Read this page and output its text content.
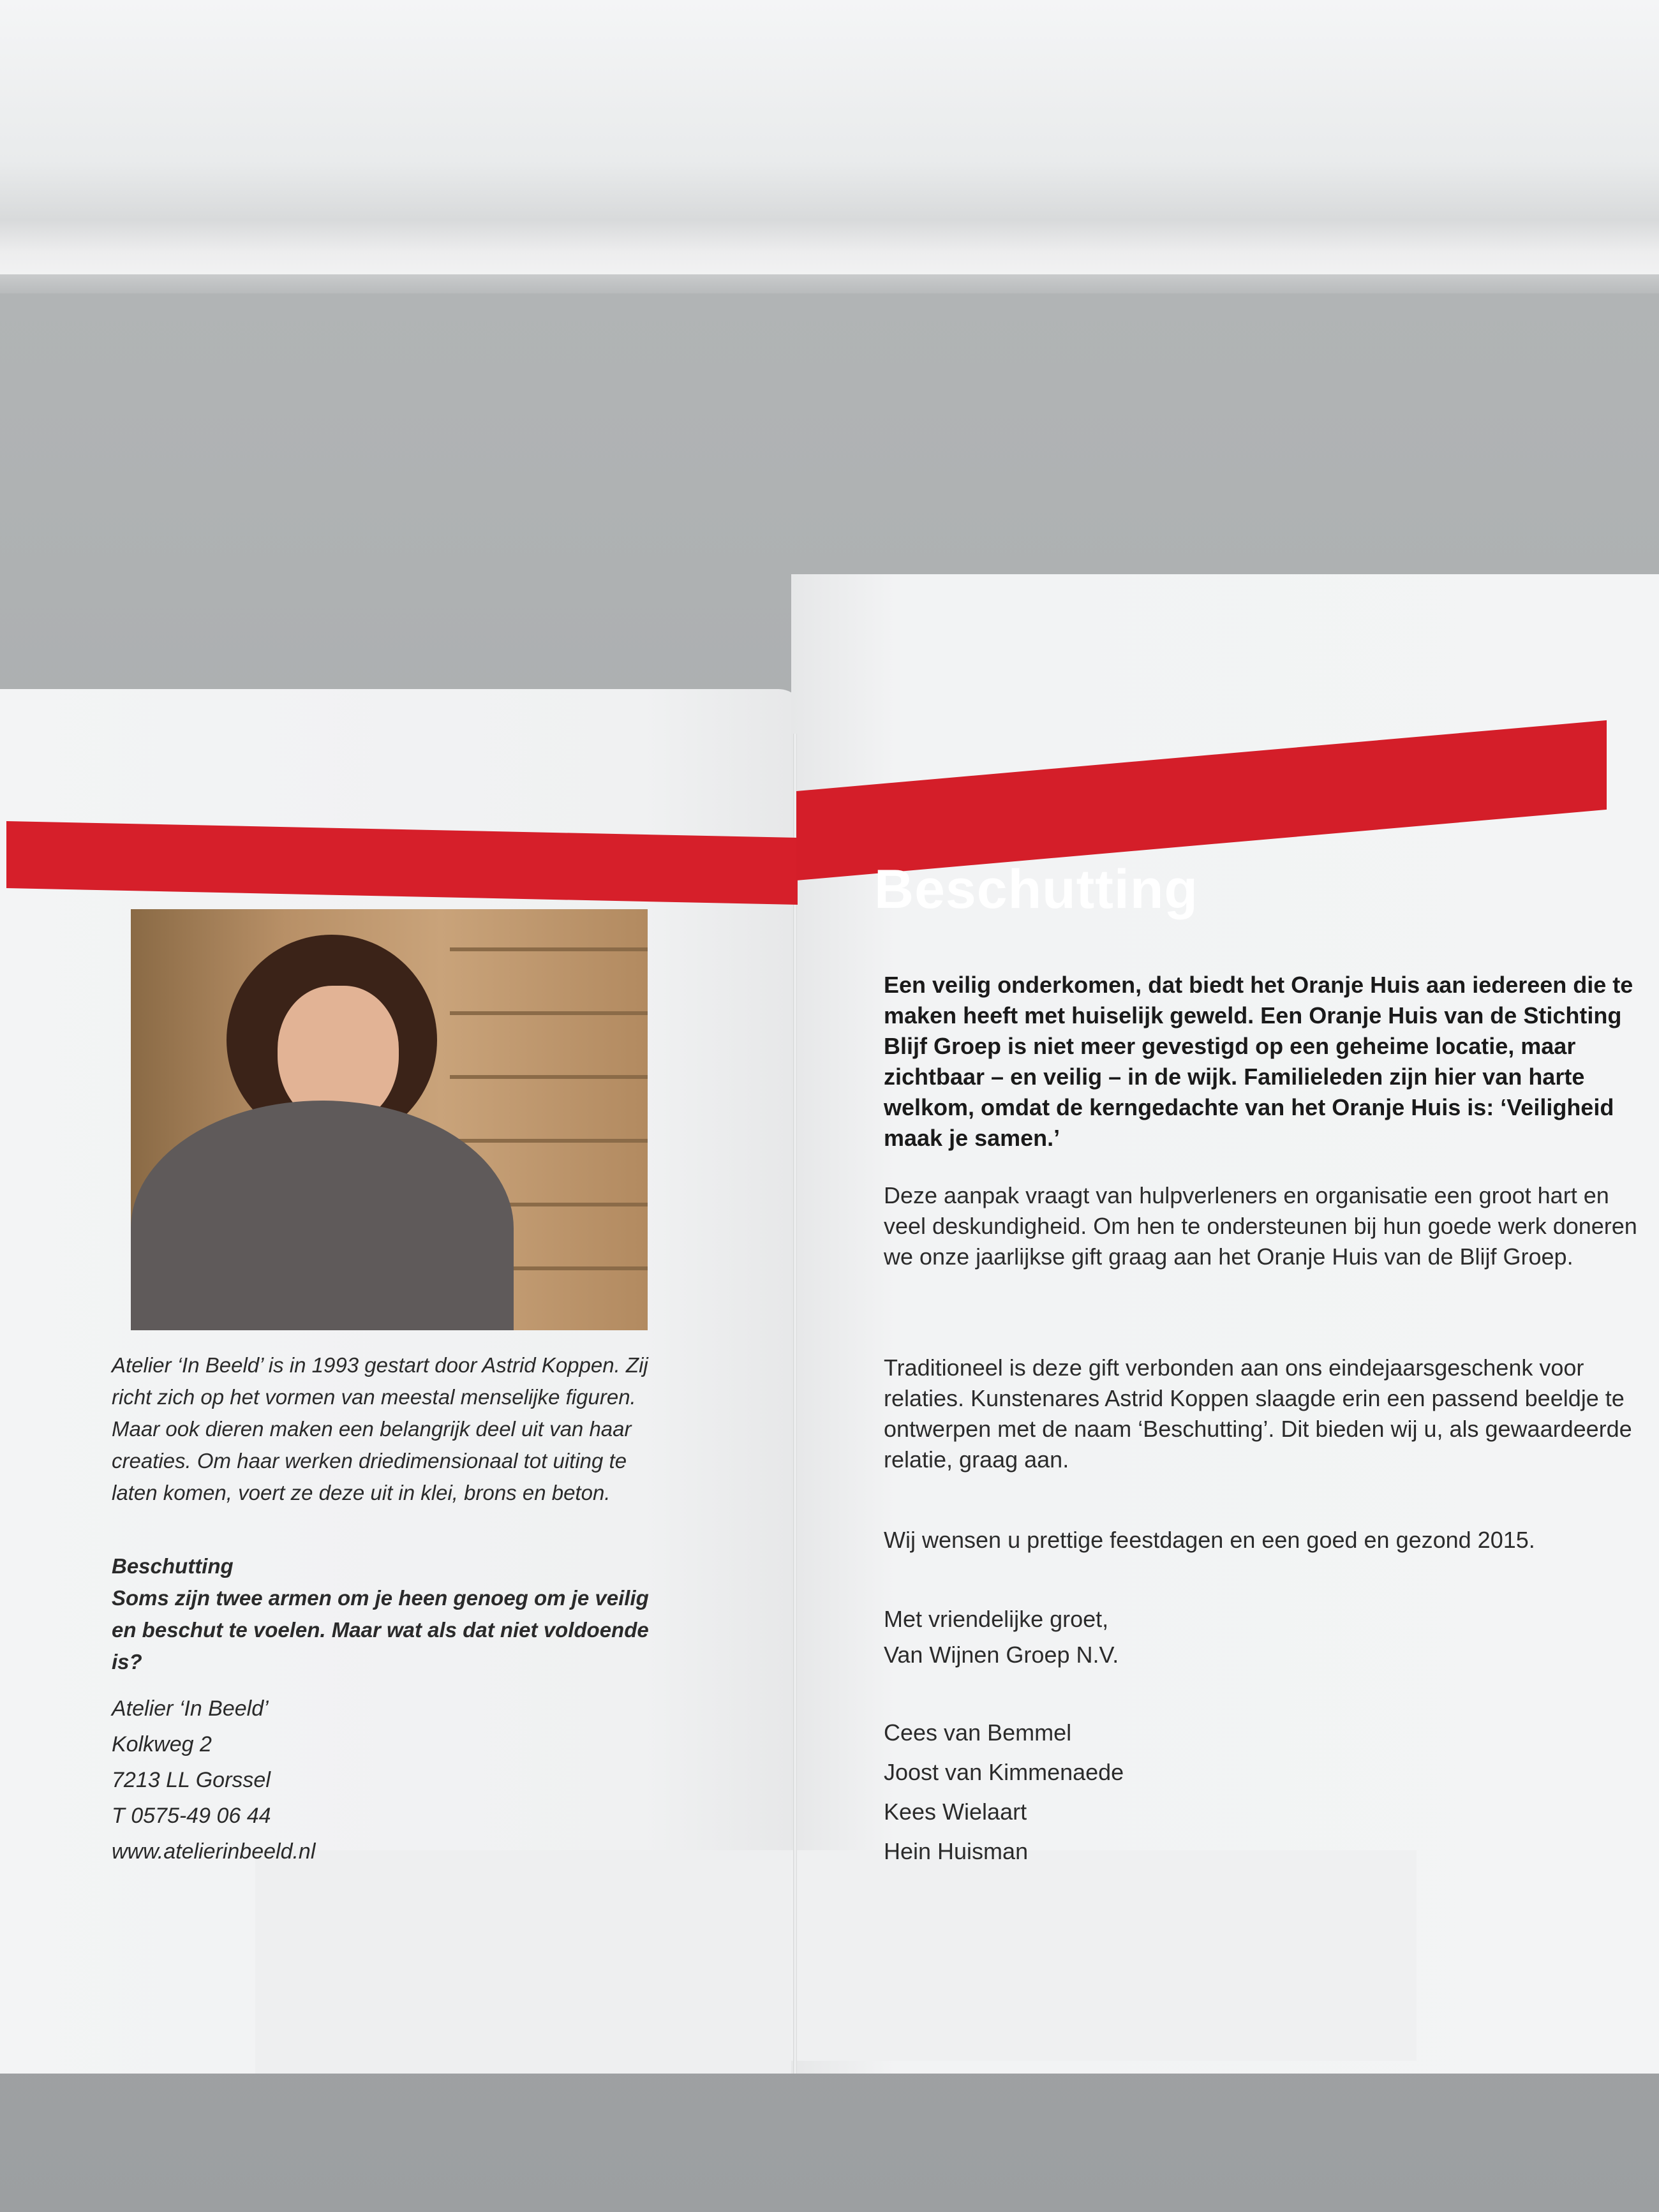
Beschutting

Atelier ‘In Beeld’ is in 1993 gestart door Astrid Koppen. Zij richt zich op het vormen van meestal menselijke figuren. Maar ook dieren maken een belangrijk deel uit van haar creaties. Om haar werken driedimensionaal tot uiting te laten komen, voert ze deze uit in klei, brons en beton.

Beschutting

Soms zijn twee armen om je heen genoeg om je veilig en beschut te voelen. Maar wat als dat niet voldoende is?

Atelier ‘In Beeld’

Kolkweg 2

7213 LL Gorssel

T 0575-49 06 44

www.atelierinbeeld.nl

Een veilig onderkomen, dat biedt het Oranje Huis aan iedereen die te maken heeft met huiselijk geweld. Een Oranje Huis van de Stichting Blijf Groep is niet meer gevestigd op een geheime locatie, maar zichtbaar – en veilig – in de wijk. Familieleden zijn hier van harte welkom, omdat de kerngedachte van het Oranje Huis is: ‘Veiligheid maak je samen.’

Deze aanpak vraagt van hulpverleners en organisatie een groot hart en veel deskundigheid. Om hen te ondersteunen bij hun goede werk doneren we onze jaarlijkse gift graag aan het Oranje Huis van de Blijf Groep.

Traditioneel is deze gift verbonden aan ons eindejaarsgeschenk voor relaties. Kunstenares Astrid Koppen slaagde erin een passend beeldje te ontwerpen met de naam ‘Beschutting’. Dit bieden wij u, als gewaardeerde relatie, graag aan.

Wij wensen u prettige feestdagen en een goed en gezond 2015.

Met vriendelijke groet,

Van Wijnen Groep N.V.

Cees van Bemmel

Joost van Kimmenaede

Kees Wielaart

Hein Huisman
